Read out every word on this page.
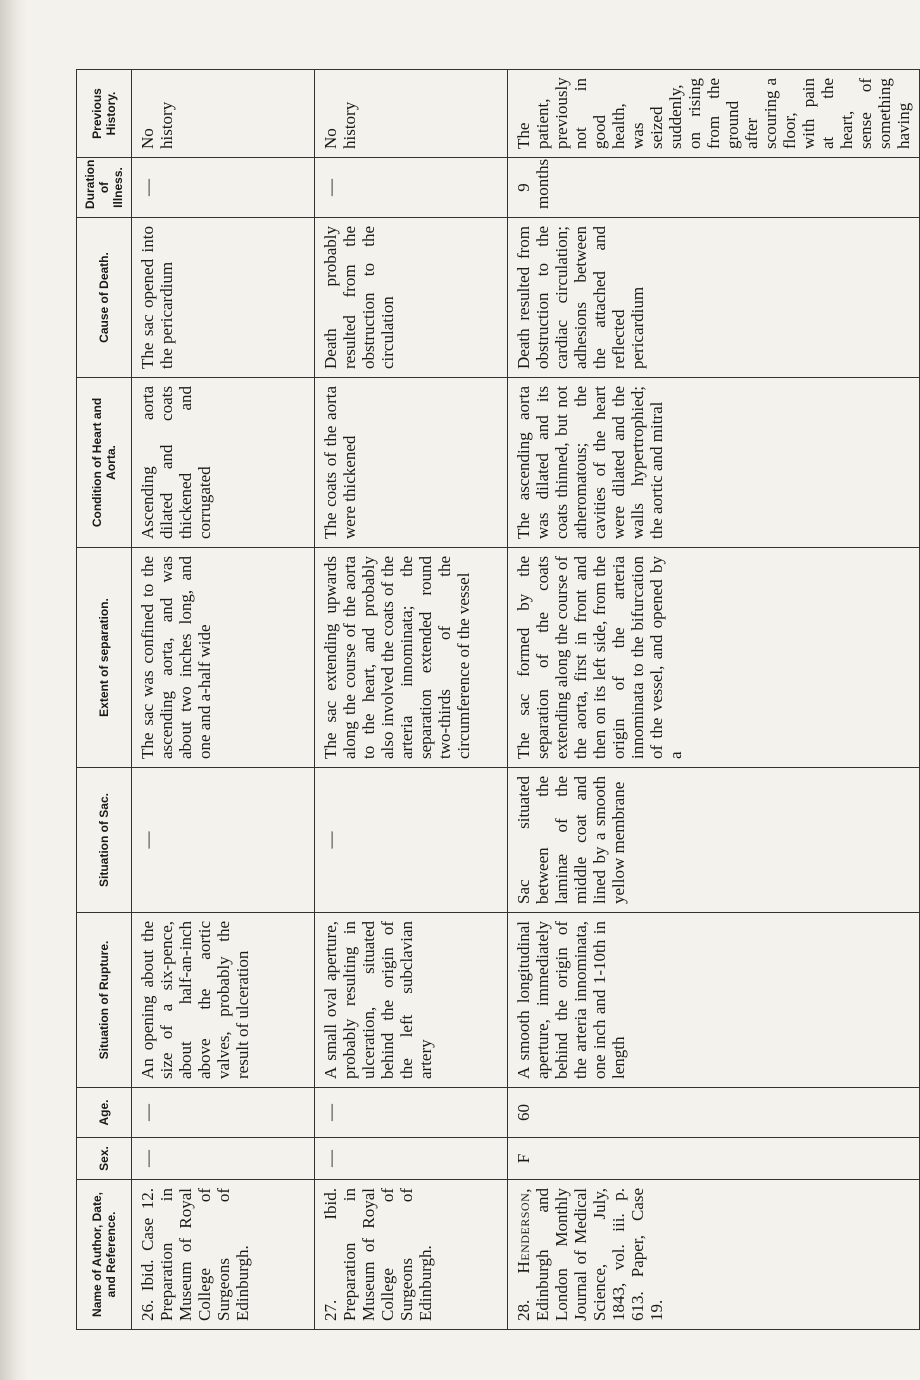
Name of Author, Date, and Reference.	Sex.	Age.	Situation of Rupture.	Situation of Sac.	Extent of separation.	Condition of Heart and Aorta.	Cause of Death.	Duration of Illness.	Previous History.
26. Ibid. Case 12. Preparation in Museum of Royal College of Surgeons of Edinburgh.	—	—	An opening about the size of a six-pence, about half-an-inch above the aortic valves, probably the result of ulceration	—	The sac was confined to the ascending aorta, and was about two inches long, and one and a-half wide	Ascending aorta dilated and coats thickened and corrugated	The sac opened into the pericardium	—	No history
27. Ibid. Preparation in Museum of Royal College of Surgeons of Edinburgh.	—	—	A small oval aperture, probably resulting in ulceration, situated behind the origin of the left subclavian artery	—	The sac extending upwards along the course of the aorta to the heart, and probably also involved the coats of the arteria innominata; the separation extended round two-thirds of the circumference of the vessel	The coats of the aorta were thickened	Death probably resulted from the obstruction to the circulation	—	No history
28. Henderson, Edinburgh and London Monthly Journal of Medical Science, July, 1843, vol. iii. p. 613. Paper, Case 19.	F	60	A smooth longitudinal aperture, immediately behind the origin of the arteria innominata, one inch and 1-10th in length	Sac situated between the laminæ of the middle coat and lined by a smooth yellow membrane	The sac formed by the separation of the coats extending along the course of the aorta, first in front and then on its left side, from the origin of the arteria innominata to the bifurcation of the vessel, and opened by a	The ascending aorta was dilated and its coats thinned, but not atheromatous; the cavities of the heart were dilated and the walls hypertrophied; the aortic and mitral	Death resulted from obstruction to the cardiac circulation; adhesions between the attached and reflected pericardium	9 months	The patient, previously not in good health, was seized suddenly, on rising from the ground after scouring a floor, with pain at the heart, sense of something having
